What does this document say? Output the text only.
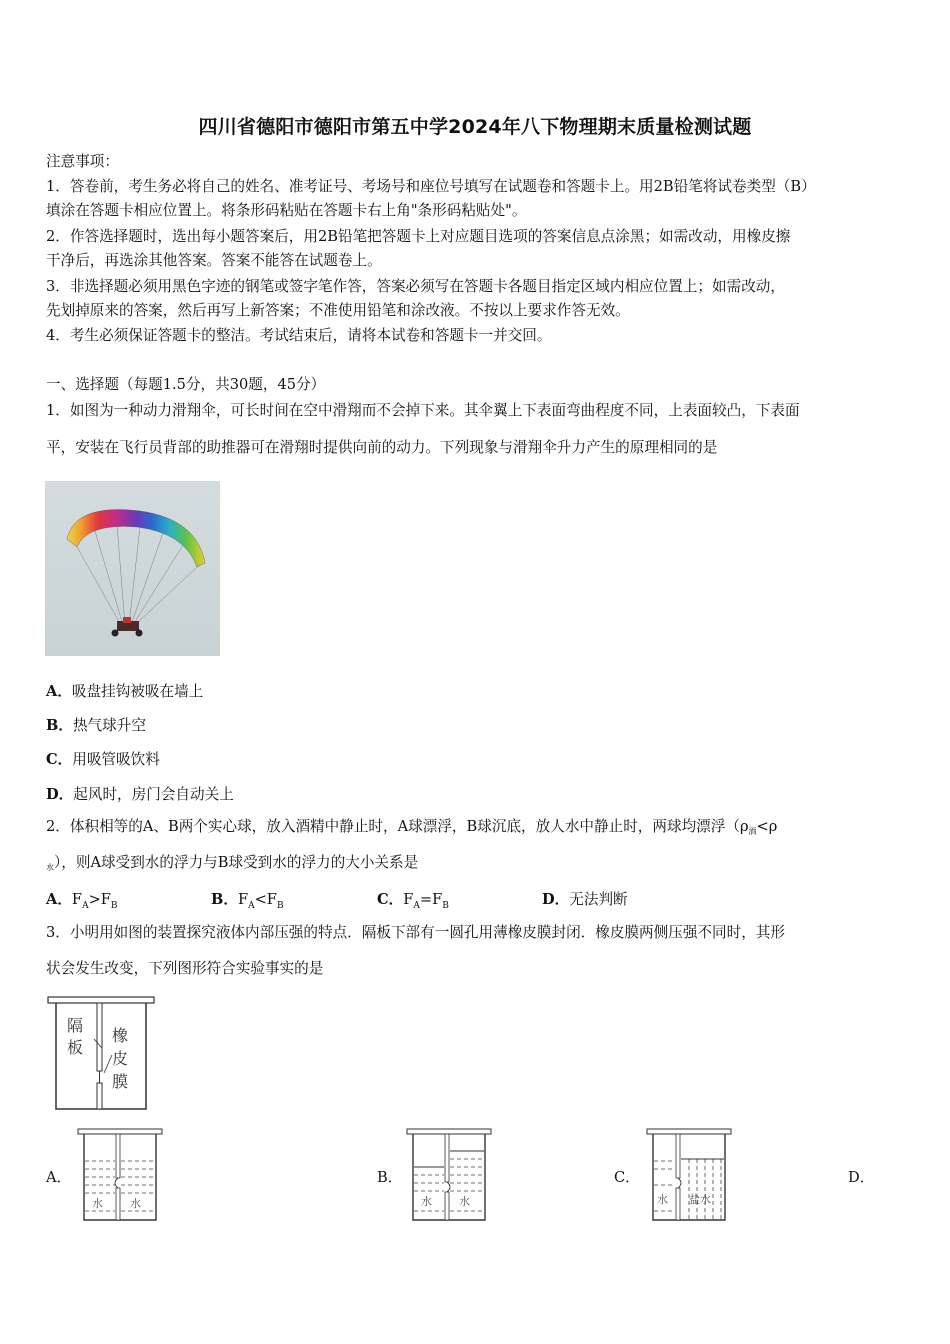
四川省德阳市德阳市第五中学2024年八下物理期末质量检测试题
注意事项：
1．答卷前，考生务必将自己的姓名、准考证号、考场号和座位号填写在试题卷和答题卡上。用2B铅笔将试卷类型（B）
填涂在答题卡相应位置上。将条形码粘贴在答题卡右上角"条形码粘贴处"。
2．作答选择题时，选出每小题答案后，用2B铅笔把答题卡上对应题目选项的答案信息点涂黑；如需改动，用橡皮擦
干净后，再选涂其他答案。答案不能答在试题卷上。
3．非选择题必须用黑色字迹的钢笔或签字笔作答，答案必须写在答题卡各题目指定区域内相应位置上；如需改动，
先划掉原来的答案，然后再写上新答案；不准使用铅笔和涂改液。不按以上要求作答无效。
4．考生必须保证答题卡的整洁。考试结束后，请将本试卷和答题卡一并交回。
一、选择题（每题1.5分，共30题，45分）
1．如图为一种动力滑翔伞，可长时间在空中滑翔而不会掉下来。其伞翼上下表面弯曲程度不同，上表面较凸，下表面
平，安装在飞行员背部的助推器可在滑翔时提供向前的动力。下列现象与滑翔伞升力产生的原理相同的是
A．吸盘挂钩被吸在墙上
B．热气球升空
C．用吸管吸饮料
D．起风时，房门会自动关上
2．体积相等的A、B两个实心球，放入酒精中静止时，A球漂浮，B球沉底，放人水中静止时，两球均漂浮（$\rho_酒<\rho$
$_水$），则A球受到水的浮力与B球受到水的浮力的大小关系是
A．$F_A>F_B$	B．$F_A<F_B$	C．$F_A=F_B$	D．无法判断
3．小明用如图的装置探究液体内部压强的特点．隔板下部有一圆孔用薄橡皮膜封闭．橡皮膜两侧压强不同时，其形
状会发生改变，下列图形符合实验事实的是
隔
板
橡
皮
膜
A．
水 水
B．
水 水
C．
水 盐水
D．
